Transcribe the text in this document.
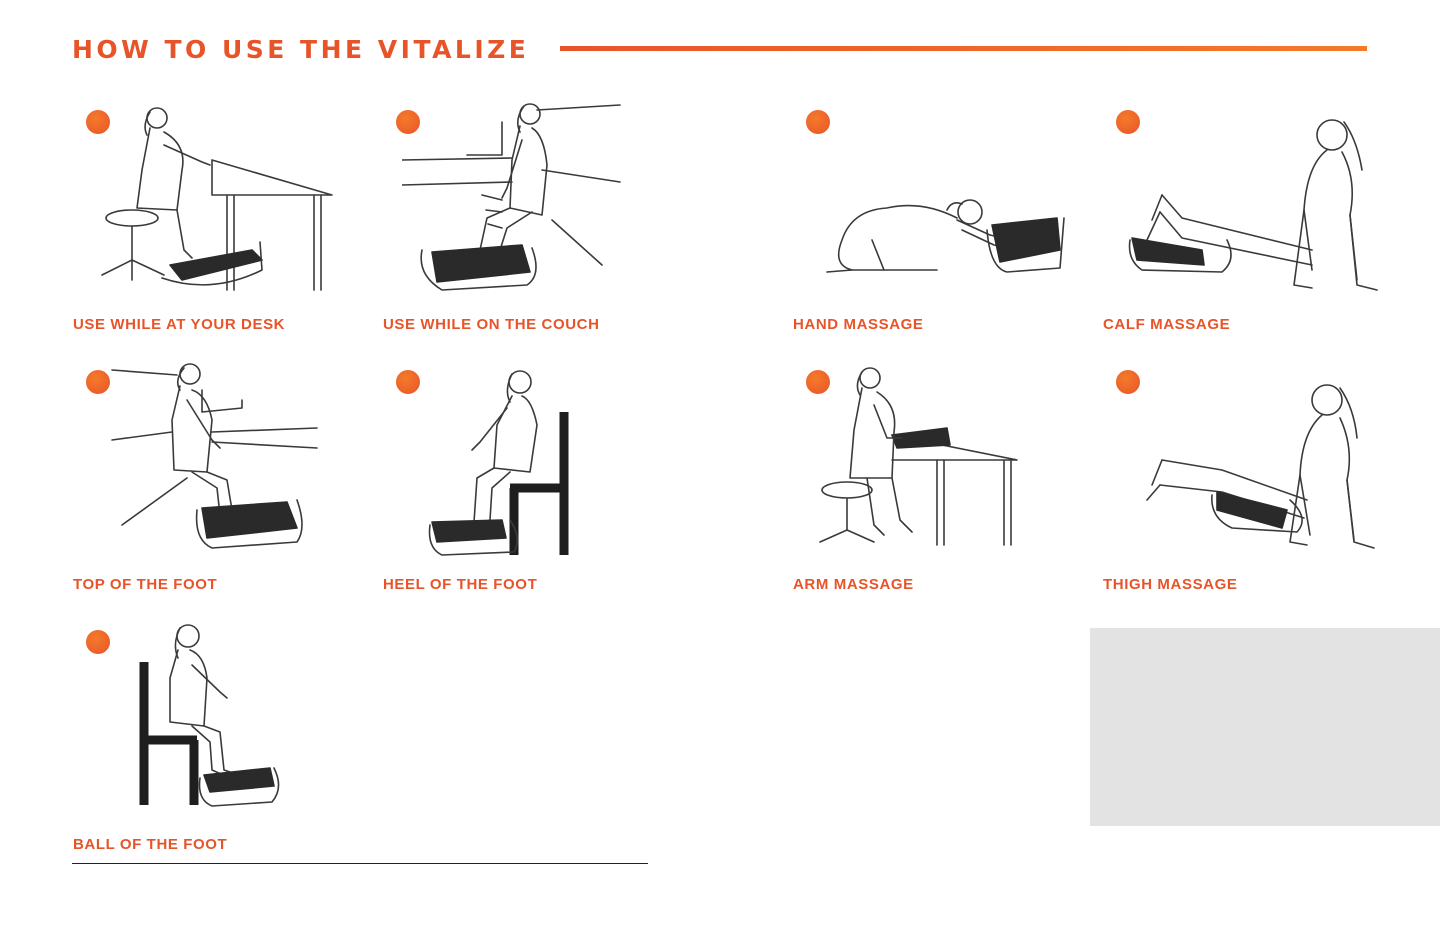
HOW TO USE THE VITALIZE
USE WHILE AT YOUR DESK	USE WHILE ON THE COUCH	HAND MASSAGE	CALF MASSAGE
TOP OF THE FOOT	HEEL OF THE FOOT	ARM MASSAGE	THIGH MASSAGE
BALL OF THE FOOT
